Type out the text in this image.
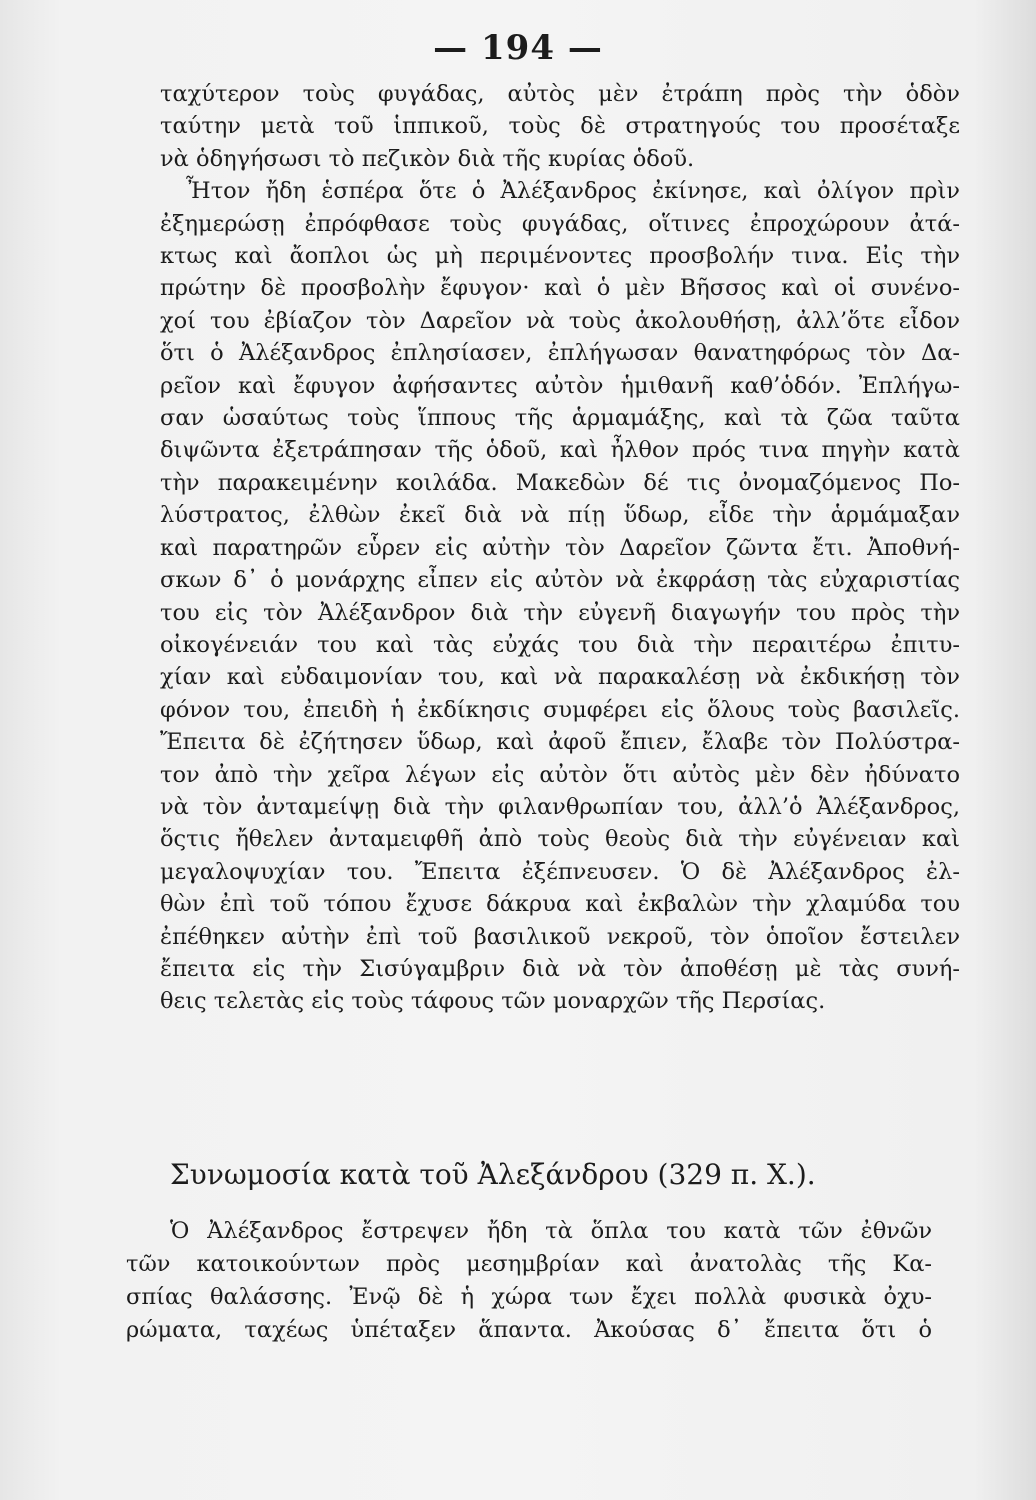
— 194 —
ταχύτερον τοὺς φυγάδας, αὐτὸς μὲν ἐτράπη πρὸς τὴν ὁδὸν
ταύτην μετὰ τοῦ ἱππικοῦ, τοὺς δὲ στρατηγούς του προσέταξε
νὰ ὁδηγήσωσι τὸ πεζικὸν διὰ τῆς κυρίας ὁδοῦ.
Ἦτον ἤδη ἑσπέρα ὅτε ὁ Ἀλέξανδρος ἐκίνησε, καὶ ὀλίγον πρὶν
ἐξημερώσῃ ἐπρόφθασε τοὺς φυγάδας, οἵτινες ἐπροχώρουν ἀτά-
κτως καὶ ἄοπλοι ὡς μὴ περιμένοντες προσβολήν τινα. Εἰς τὴν
πρώτην δὲ προσβολὴν ἔφυγον· καὶ ὁ μὲν Βῆσσος καὶ οἱ συνένο-
χοί του ἐβίαζον τὸν Δαρεῖον νὰ τοὺς ἀκολουθήσῃ, ἀλλ’ὅτε εἶδον
ὅτι ὁ Ἀλέξανδρος ἐπλησίασεν, ἐπλήγωσαν θανατηφόρως τὸν Δα-
ρεῖον καὶ ἔφυγον ἀφήσαντες αὐτὸν ἡμιθανῆ καθ’ὁδόν. Ἐπλήγω-
σαν ὡσαύτως τοὺς ἵππους τῆς ἁρμαμάξης, καὶ τὰ ζῶα ταῦτα
διψῶντα ἐξετράπησαν τῆς ὁδοῦ, καὶ ἦλθον πρός τινα πηγὴν κατὰ
τὴν παρακειμένην κοιλάδα. Μακεδὼν δέ τις ὀνομαζόμενος Πο-
λύστρατος, ἐλθὼν ἐκεῖ διὰ νὰ πίῃ ὕδωρ, εἶδε τὴν ἁρμάμαξαν
καὶ παρατηρῶν εὗρεν εἰς αὐτὴν τὸν Δαρεῖον ζῶντα ἔτι. Ἀποθνή-
σκων δ᾽ ὁ μονάρχης εἶπεν εἰς αὐτὸν νὰ ἐκφράσῃ τὰς εὐχαριστίας
του εἰς τὸν Ἀλέξανδρον διὰ τὴν εὐγενῆ διαγωγήν του πρὸς τὴν
οἰκογένειάν του καὶ τὰς εὐχάς του διὰ τὴν περαιτέρω ἐπιτυ-
χίαν καὶ εὐδαιμονίαν του, καὶ νὰ παρακαλέσῃ νὰ ἐκδικήσῃ τὸν
φόνον του, ἐπειδὴ ἡ ἐκδίκησις συμφέρει εἰς ὅλους τοὺς βασιλεῖς.
Ἔπειτα δὲ ἐζήτησεν ὕδωρ, καὶ ἀφοῦ ἔπιεν, ἔλαβε τὸν Πολύστρα-
τον ἀπὸ τὴν χεῖρα λέγων εἰς αὐτὸν ὅτι αὐτὸς μὲν δὲν ἠδύνατο
νὰ τὸν ἀνταμείψῃ διὰ τὴν φιλανθρωπίαν του, ἀλλ’ὁ Ἀλέξανδρος,
ὅςτις ἤθελεν ἀνταμειφθῆ ἀπὸ τοὺς θεοὺς διὰ τὴν εὐγένειαν καὶ
μεγαλοψυχίαν του. Ἔπειτα ἐξέπνευσεν. Ὁ δὲ Ἀλέξανδρος ἐλ-
θὼν ἐπὶ τοῦ τόπου ἔχυσε δάκρυα καὶ ἐκβαλὼν τὴν χλαμύδα του
ἐπέθηκεν αὐτὴν ἐπὶ τοῦ βασιλικοῦ νεκροῦ, τὸν ὁποῖον ἔστειλεν
ἔπειτα εἰς τὴν Σισύγαμβριν διὰ νὰ τὸν ἀποθέσῃ μὲ τὰς συνή-
θεις τελετὰς εἰς τοὺς τάφους τῶν μοναρχῶν τῆς Περσίας.
Συνωμοσία κατὰ τοῦ Ἀλεξάνδρου (329 π. Χ.).
Ὁ Ἀλέξανδρος ἔστρεψεν ἤδη τὰ ὅπλα του κατὰ τῶν ἐθνῶν
τῶν κατοικούντων πρὸς μεσημβρίαν καὶ ἀνατολὰς τῆς Κα-
σπίας θαλάσσης. Ἐνῷ δὲ ἡ χώρα των ἔχει πολλὰ φυσικὰ ὀχυ-
ρώματα, ταχέως ὑπέταξεν ἅπαντα. Ἀκούσας δ᾽ ἔπειτα ὅτι ὁ
